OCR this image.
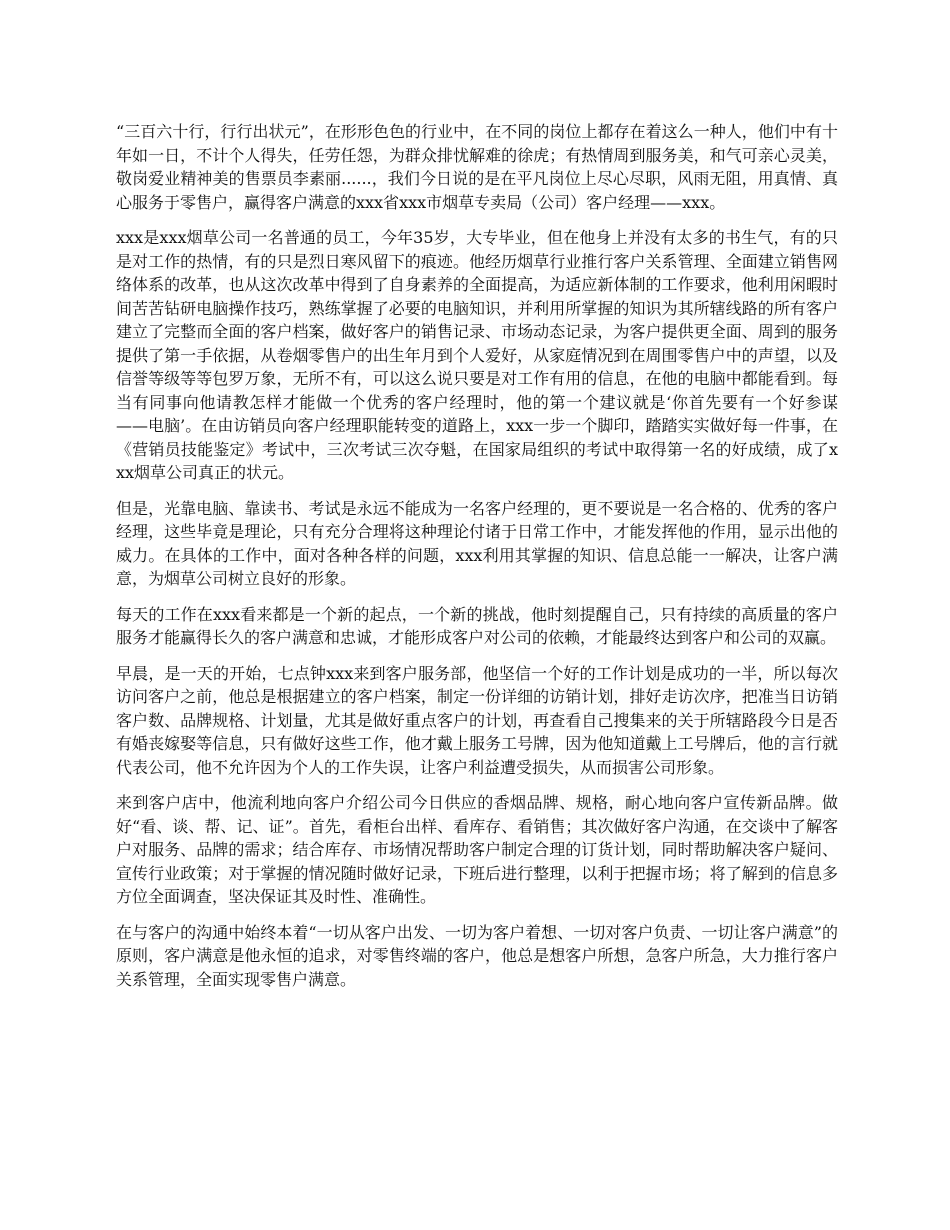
“三百六十行，行行出状元”，在形形色色的行业中，在不同的岗位上都存在着这么一种人，他们中有十年如一日，不计个人得失，任劳任怨，为群众排忧解难的徐虎；有热情周到服务美，和气可亲心灵美，敬岗爱业精神美的售票员李素丽......，我们今日说的是在平凡岗位上尽心尽职，风雨无阻，用真情、真心服务于零售户，赢得客户满意的xxx省xxx市烟草专卖局（公司）客户经理——xxx。

xxx是xxx烟草公司一名普通的员工，今年35岁，大专毕业，但在他身上并没有太多的书生气，有的只是对工作的热情，有的只是烈日寒风留下的痕迹。他经历烟草行业推行客户关系管理、全面建立销售网络体系的改革，也从这次改革中得到了自身素养的全面提高，为适应新体制的工作要求，他利用闲暇时间苦苦钻研电脑操作技巧，熟练掌握了必要的电脑知识，并利用所掌握的知识为其所辖线路的所有客户建立了完整而全面的客户档案，做好客户的销售记录、市场动态记录，为客户提供更全面、周到的服务提供了第一手依据，从卷烟零售户的出生年月到个人爱好，从家庭情况到在周围零售户中的声望，以及信誉等级等等包罗万象，无所不有，可以这么说只要是对工作有用的信息，在他的电脑中都能看到。每当有同事向他请教怎样才能做一个优秀的客户经理时，他的第一个建议就是‘你首先要有一个好参谋——电脑’。在由访销员向客户经理职能转变的道路上，xxx一步一个脚印，踏踏实实做好每一件事，在《营销员技能鉴定》考试中，三次考试三次夺魁，在国家局组织的考试中取得第一名的好成绩，成了xxx烟草公司真正的状元。

但是，光靠电脑、靠读书、考试是永远不能成为一名客户经理的，更不要说是一名合格的、优秀的客户经理，这些毕竟是理论，只有充分合理将这种理论付诸于日常工作中，才能发挥他的作用，显示出他的威力。在具体的工作中，面对各种各样的问题，xxx利用其掌握的知识、信息总能一一解决，让客户满意，为烟草公司树立良好的形象。

每天的工作在xxx看来都是一个新的起点，一个新的挑战，他时刻提醒自己，只有持续的高质量的客户服务才能赢得长久的客户满意和忠诚，才能形成客户对公司的依赖，才能最终达到客户和公司的双赢。

早晨，是一天的开始，七点钟xxx来到客户服务部，他坚信一个好的工作计划是成功的一半，所以每次访问客户之前，他总是根据建立的客户档案，制定一份详细的访销计划，排好走访次序，把准当日访销客户数、品牌规格、计划量，尤其是做好重点客户的计划，再查看自己搜集来的关于所辖路段今日是否有婚丧嫁娶等信息，只有做好这些工作，他才戴上服务工号牌，因为他知道戴上工号牌后，他的言行就代表公司，他不允许因为个人的工作失误，让客户利益遭受损失，从而损害公司形象。

来到客户店中，他流利地向客户介绍公司今日供应的香烟品牌、规格，耐心地向客户宣传新品牌。做好“看、谈、帮、记、证”。首先，看柜台出样、看库存、看销售；其次做好客户沟通，在交谈中了解客户对服务、品牌的需求；结合库存、市场情况帮助客户制定合理的订货计划，同时帮助解决客户疑问、宣传行业政策；对于掌握的情况随时做好记录，下班后进行整理，以利于把握市场；将了解到的信息多方位全面调查，坚决保证其及时性、准确性。

在与客户的沟通中始终本着“一切从客户出发、一切为客户着想、一切对客户负责、一切让客户满意”的原则，客户满意是他永恒的追求，对零售终端的客户，他总是想客户所想，急客户所急，大力推行客户关系管理，全面实现零售户满意。
